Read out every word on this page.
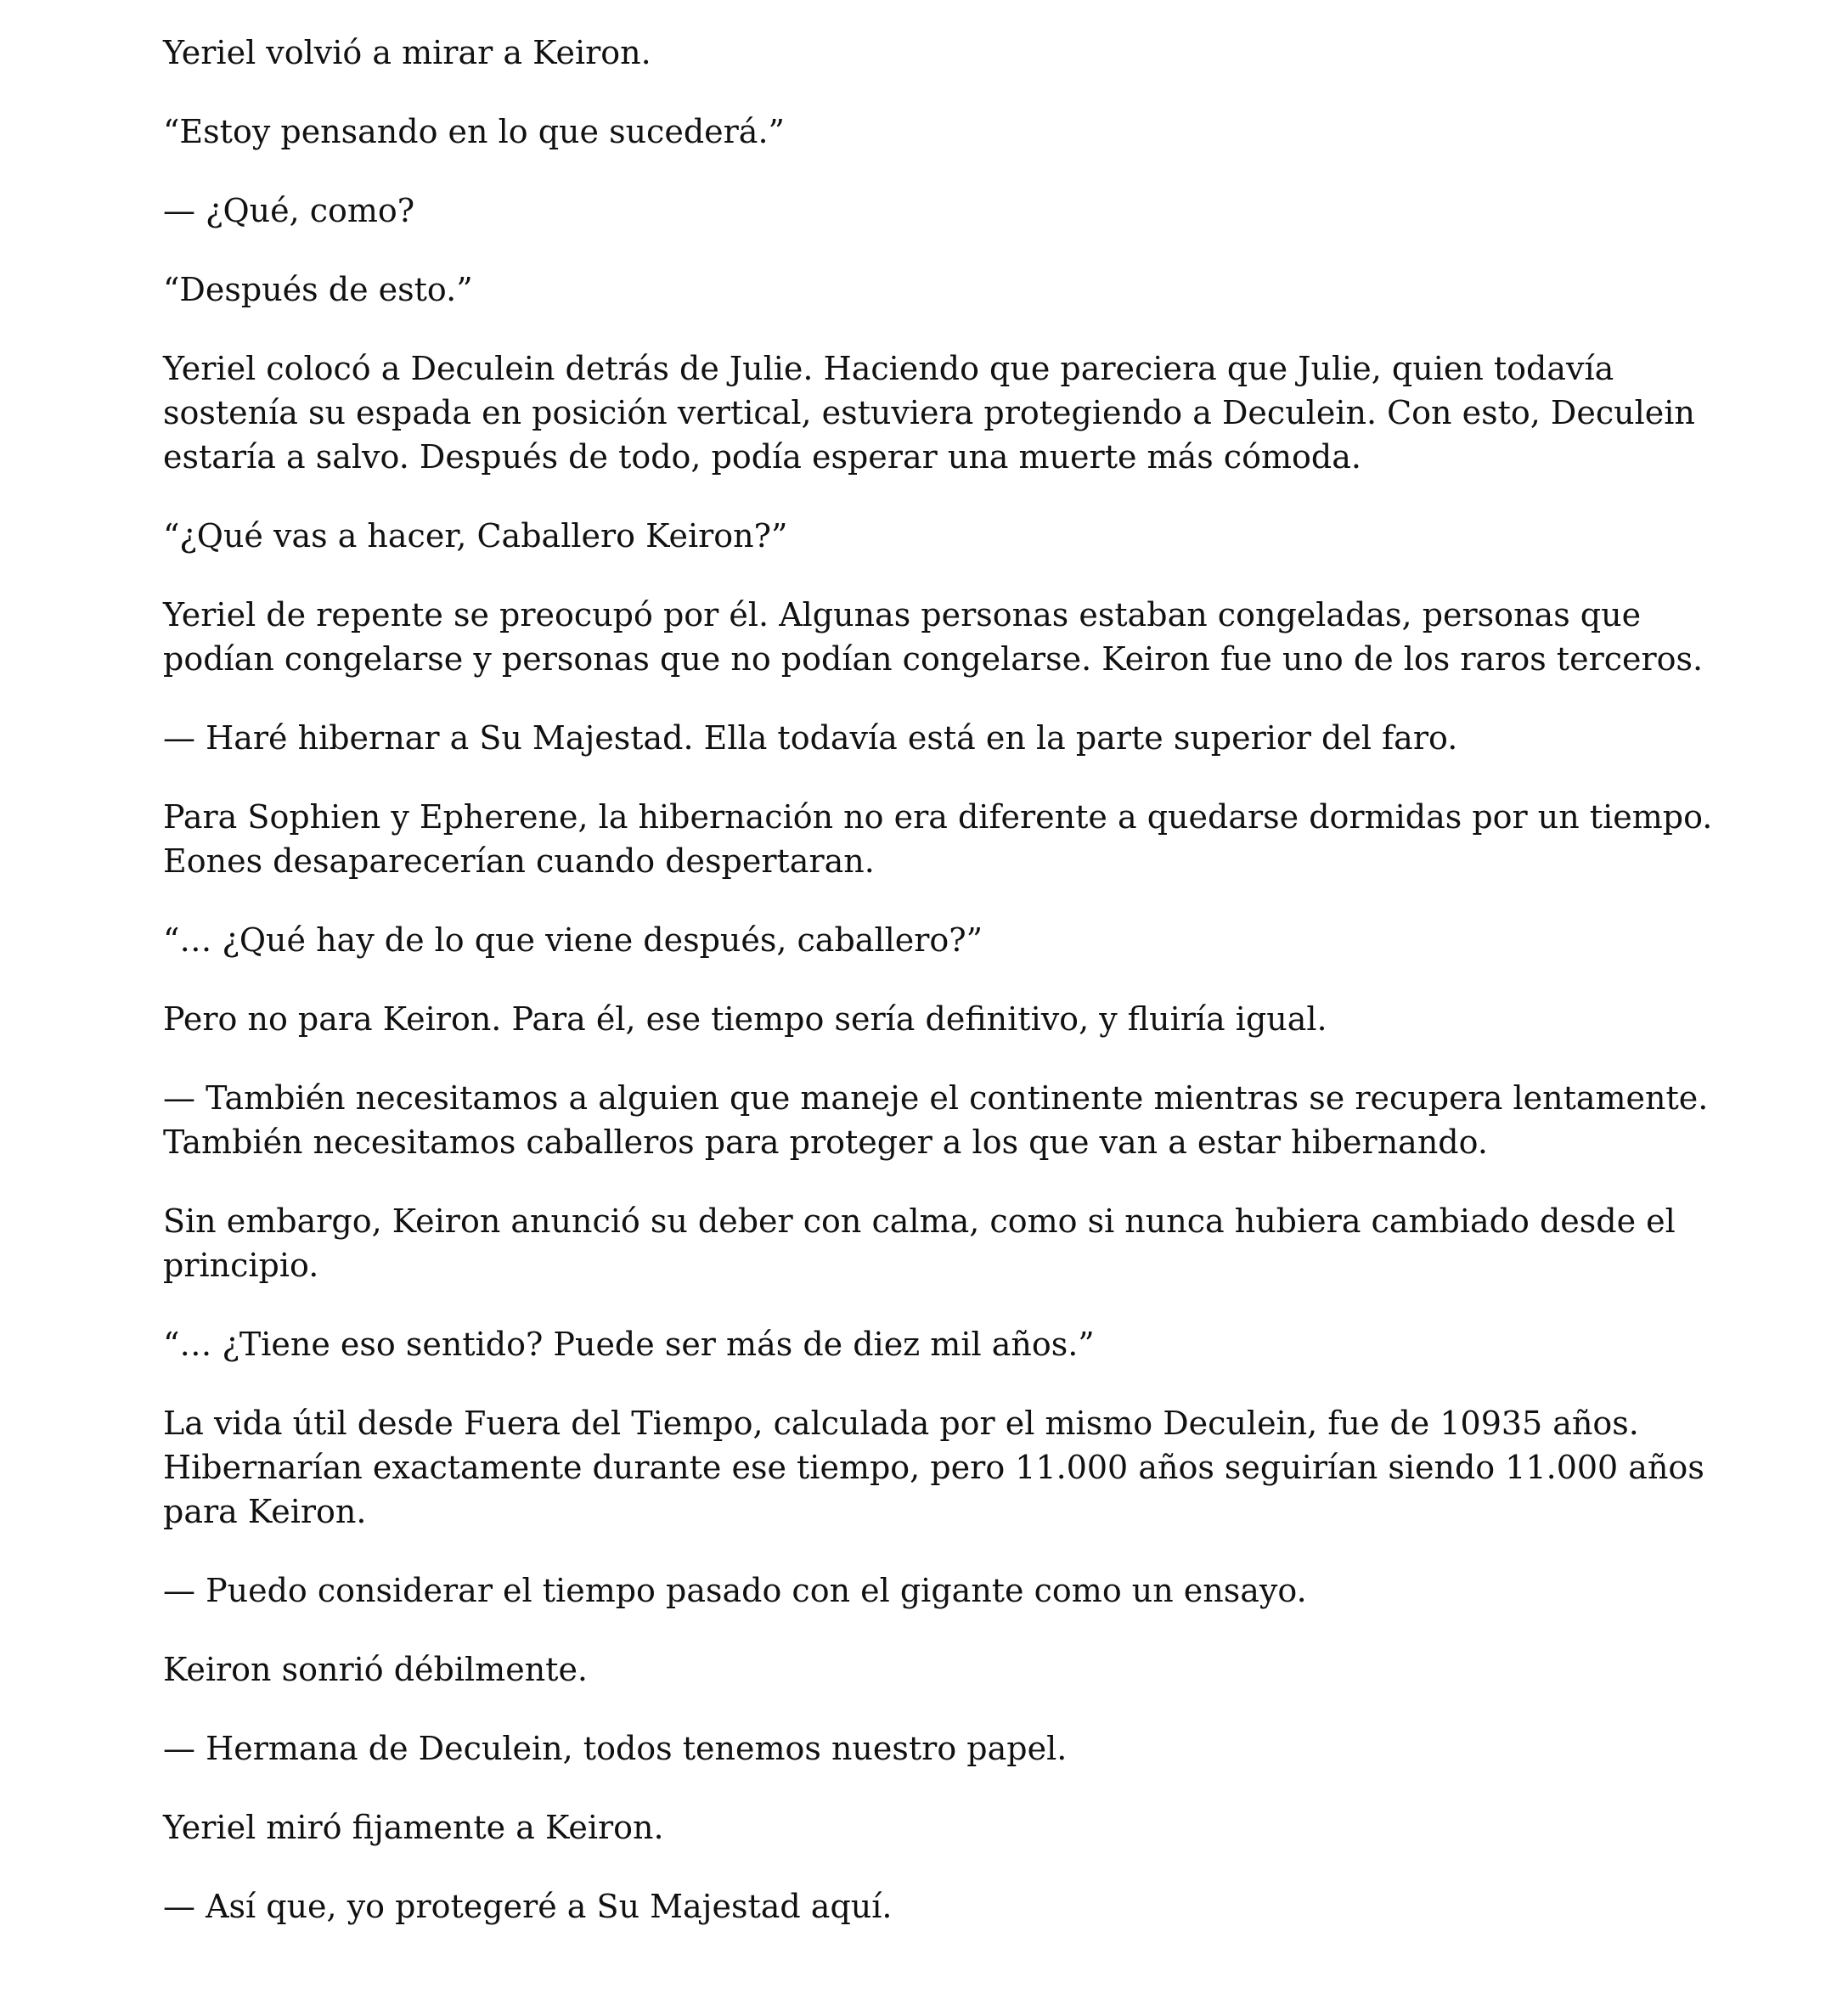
Yeriel volvió a mirar a Keiron.

“Estoy pensando en lo que sucederá.”

— ¿Qué, como?

“Después de esto.”

Yeriel colocó a Deculein detrás de Julie. Haciendo que pareciera que Julie, quien todavía sostenía su espada en posición vertical, estuviera protegiendo a Deculein. Con esto, Deculein estaría a salvo. Después de todo, podía esperar una muerte más cómoda.

“¿Qué vas a hacer, Caballero Keiron?”

Yeriel de repente se preocupó por él. Algunas personas estaban congeladas, personas que podían congelarse y personas que no podían congelarse. Keiron fue uno de los raros terceros.

— Haré hibernar a Su Majestad. Ella todavía está en la parte superior del faro.

Para Sophien y Epherene, la hibernación no era diferente a quedarse dormidas por un tiempo. Eones desaparecerían cuando despertaran.

“… ¿Qué hay de lo que viene después, caballero?”

Pero no para Keiron. Para él, ese tiempo sería definitivo, y fluiría igual.

— También necesitamos a alguien que maneje el continente mientras se recupera lentamente. También necesitamos caballeros para proteger a los que van a estar hibernando.

Sin embargo, Keiron anunció su deber con calma, como si nunca hubiera cambiado desde el principio.

“… ¿Tiene eso sentido? Puede ser más de diez mil años.”

La vida útil desde Fuera del Tiempo, calculada por el mismo Deculein, fue de 10935 años. Hibernarían exactamente durante ese tiempo, pero 11.000 años seguirían siendo 11.000 años para Keiron.

— Puedo considerar el tiempo pasado con el gigante como un ensayo.

Keiron sonrió débilmente.

— Hermana de Deculein, todos tenemos nuestro papel.

Yeriel miró fijamente a Keiron.

— Así que, yo protegeré a Su Majestad aquí.
